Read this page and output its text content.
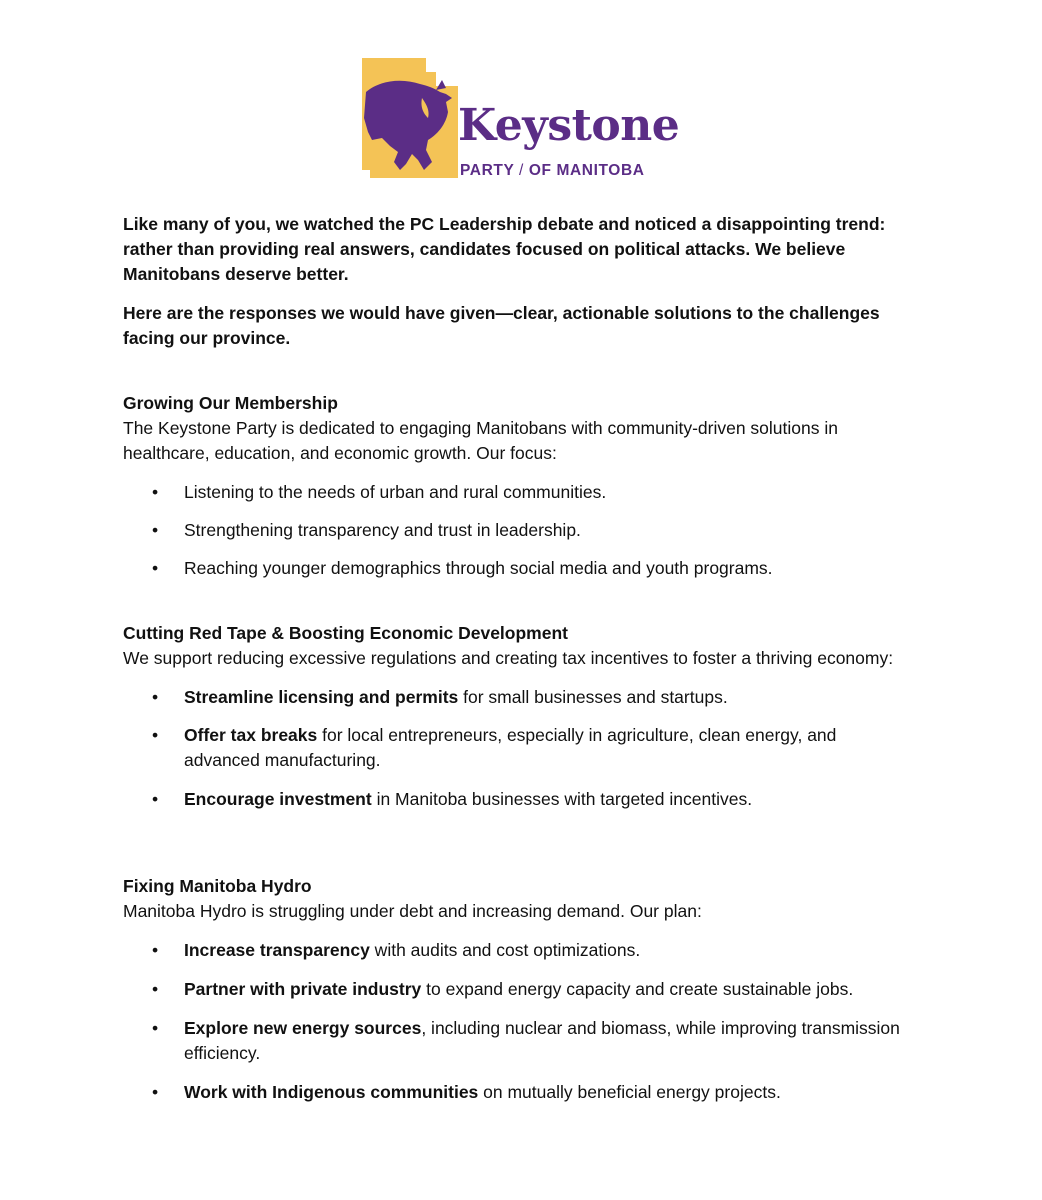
Keystone
PARTY / OF MANITOBA

Like many of you, we watched the PC Leadership debate and noticed a disappointing trend: rather than providing real answers, candidates focused on political attacks. We believe Manitobans deserve better.

Here are the responses we would have given—clear, actionable solutions to the challenges facing our province.

Growing Our Membership

The Keystone Party is dedicated to engaging Manitobans with community-driven solutions in healthcare, education, and economic growth. Our focus:

• Listening to the needs of urban and rural communities.
• Strengthening transparency and trust in leadership.
• Reaching younger demographics through social media and youth programs.

Cutting Red Tape & Boosting Economic Development

We support reducing excessive regulations and creating tax incentives to foster a thriving economy:

• Streamline licensing and permits for small businesses and startups.
• Offer tax breaks for local entrepreneurs, especially in agriculture, clean energy, and advanced manufacturing.
• Encourage investment in Manitoba businesses with targeted incentives.

Fixing Manitoba Hydro

Manitoba Hydro is struggling under debt and increasing demand. Our plan:

• Increase transparency with audits and cost optimizations.
• Partner with private industry to expand energy capacity and create sustainable jobs.
• Explore new energy sources, including nuclear and biomass, while improving transmission efficiency.
• Work with Indigenous communities on mutually beneficial energy projects.
